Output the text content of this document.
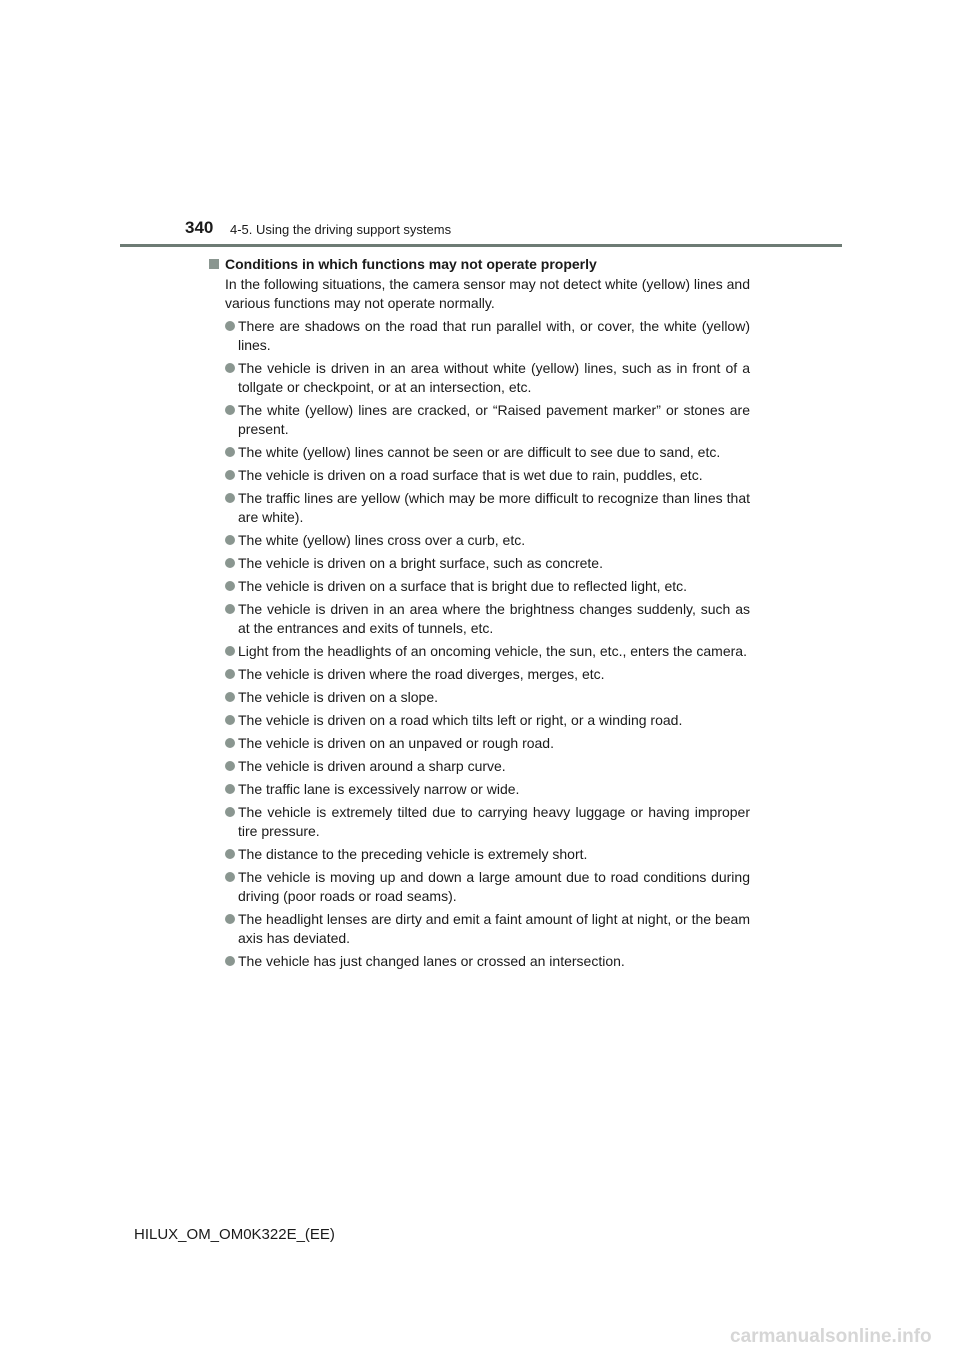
340 4-5. Using the driving support systems
Conditions in which functions may not operate properly

In the following situations, the camera sensor may not detect white (yellow) lines and various functions may not operate normally.

There are shadows on the road that run parallel with, or cover, the white (yellow) lines.
The vehicle is driven in an area without white (yellow) lines, such as in front of a tollgate or checkpoint, or at an intersection, etc.
The white (yellow) lines are cracked, or “Raised pavement marker” or stones are present.
The white (yellow) lines cannot be seen or are difficult to see due to sand, etc.
The vehicle is driven on a road surface that is wet due to rain, puddles, etc.
The traffic lines are yellow (which may be more difficult to recognize than lines that are white).
The white (yellow) lines cross over a curb, etc.
The vehicle is driven on a bright surface, such as concrete.
The vehicle is driven on a surface that is bright due to reflected light, etc.
The vehicle is driven in an area where the brightness changes suddenly, such as at the entrances and exits of tunnels, etc.
Light from the headlights of an oncoming vehicle, the sun, etc., enters the camera.
The vehicle is driven where the road diverges, merges, etc.
The vehicle is driven on a slope.
The vehicle is driven on a road which tilts left or right, or a winding road.
The vehicle is driven on an unpaved or rough road.
The vehicle is driven around a sharp curve.
The traffic lane is excessively narrow or wide.
The vehicle is extremely tilted due to carrying heavy luggage or having improper tire pressure.
The distance to the preceding vehicle is extremely short.
The vehicle is moving up and down a large amount due to road conditions during driving (poor roads or road seams).
The headlight lenses are dirty and emit a faint amount of light at night, or the beam axis has deviated.
The vehicle has just changed lanes or crossed an intersection.
HILUX_OM_OM0K322E_(EE)
carmanualsonline.info
